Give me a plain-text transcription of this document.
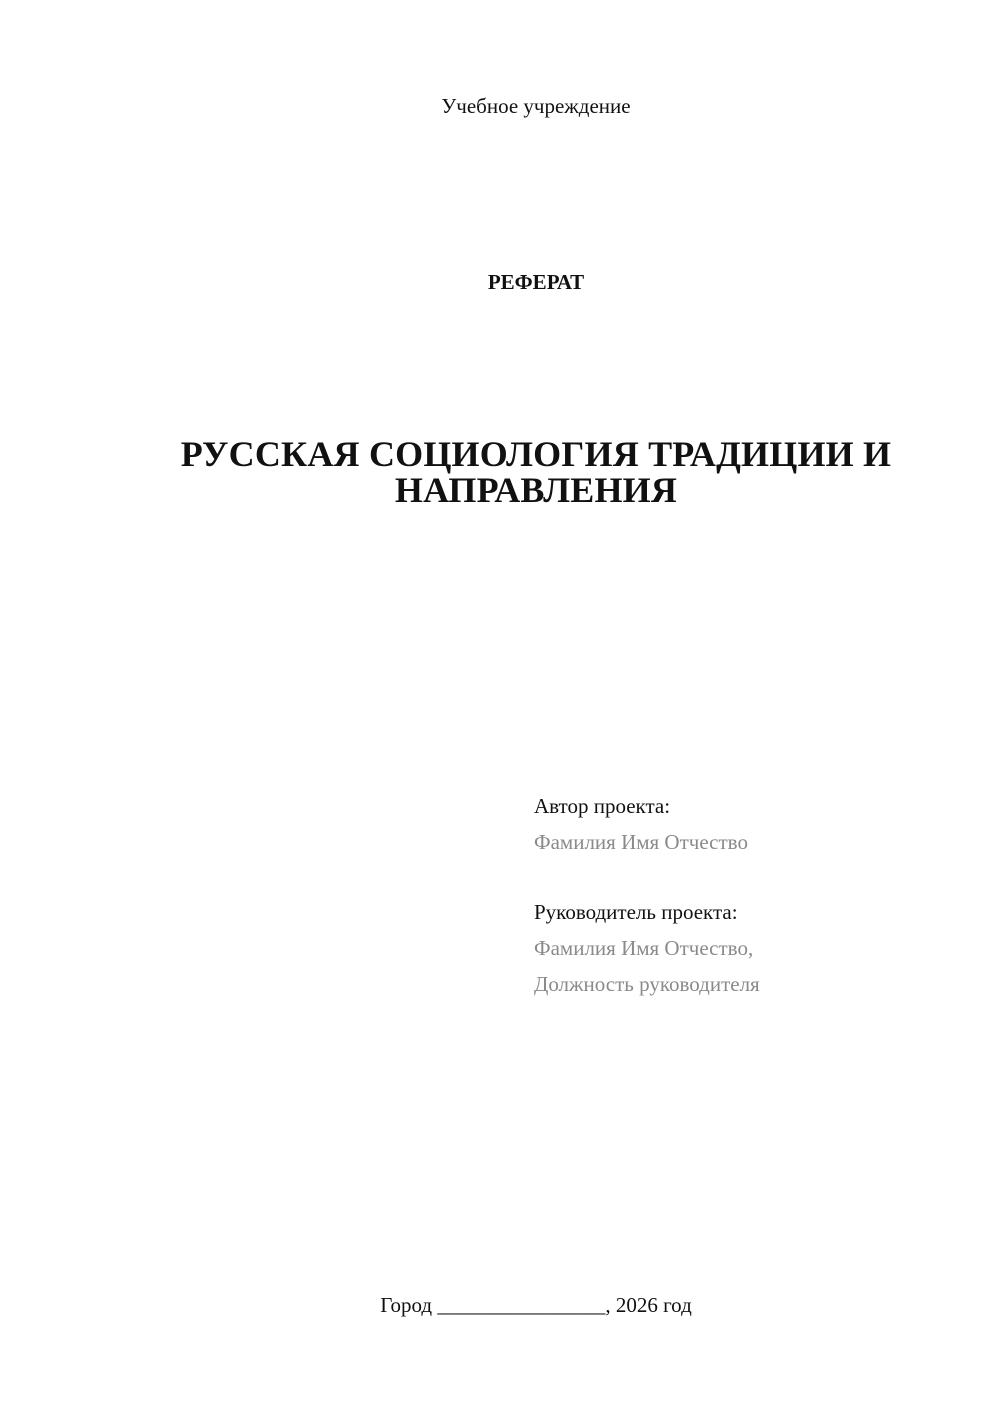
Учебное учреждение
РЕФЕРАТ
РУССКАЯ СОЦИОЛОГИЯ ТРАДИЦИИ И НАПРАВЛЕНИЯ
Автор проекта:
Фамилия Имя Отчество
Руководитель проекта:
Фамилия Имя Отчество,
Должность руководителя
Город ________________, 2026 год
